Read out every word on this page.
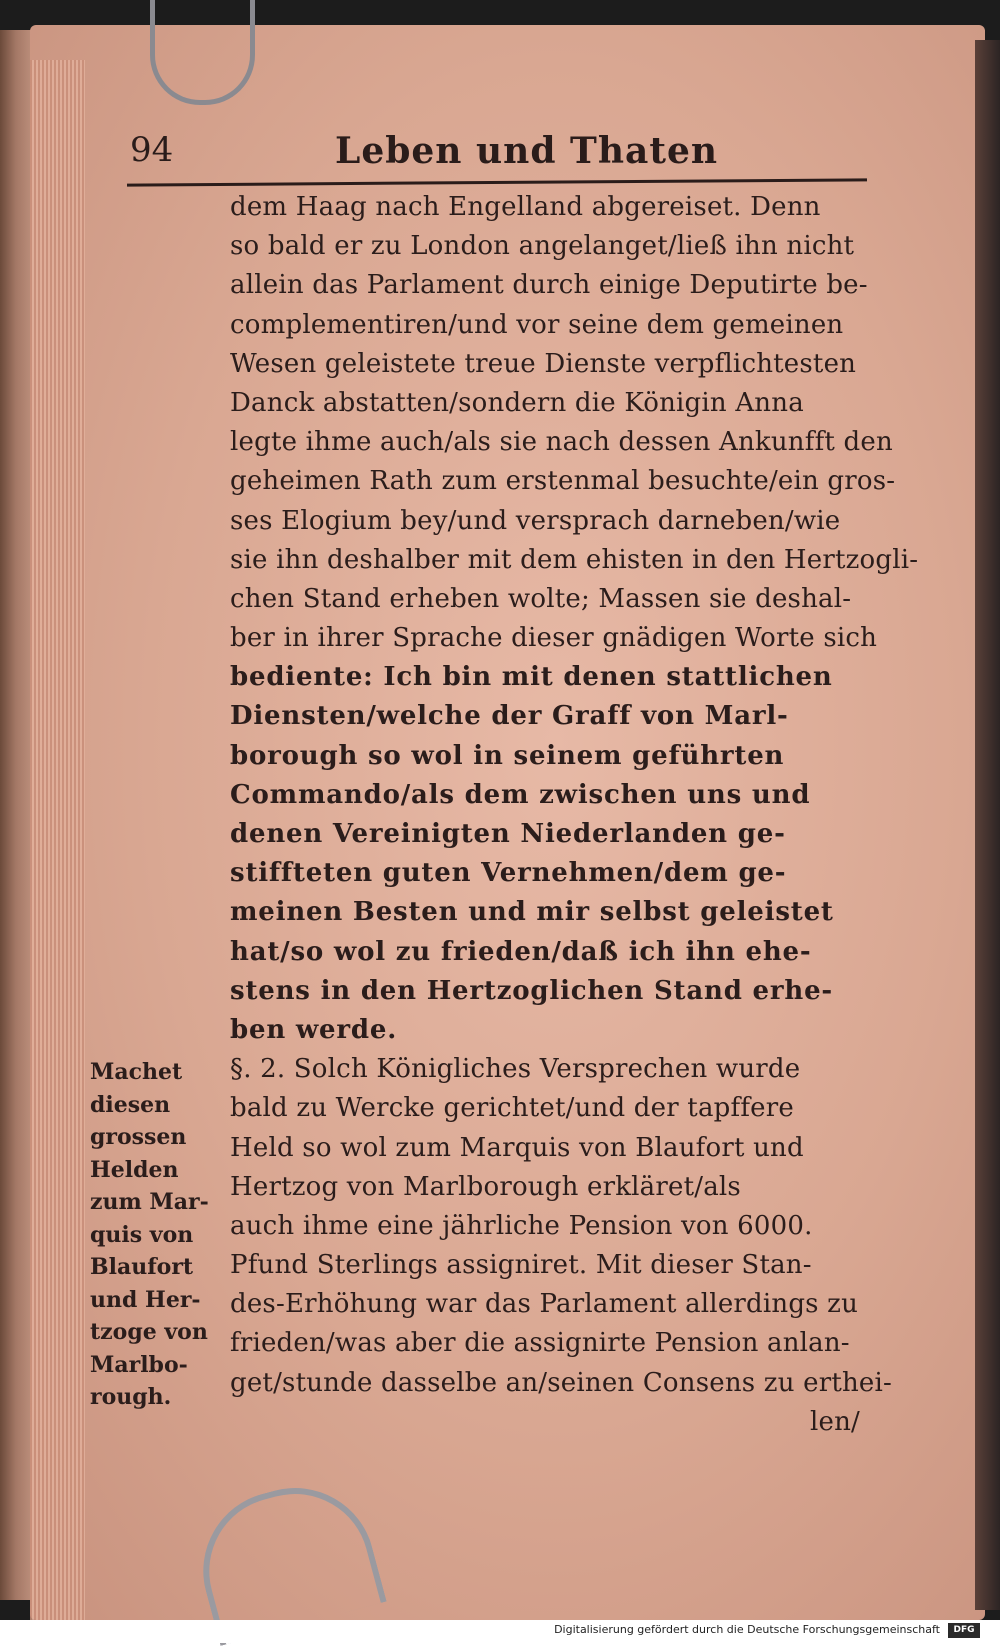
94	Leben und Thaten
dem Haag nach Engelland abgereiset. Denn
so bald er zu London angelanget/ließ ihn nicht
allein das Parlament durch einige Deputirte be-
complementiren/und vor seine dem gemeinen
Wesen geleistete treue Dienste verpflichtesten
Danck abstatten/sondern die Königin Anna
legte ihme auch/als sie nach dessen Ankunfft den
geheimen Rath zum erstenmal besuchte/ein gros-
ses Elogium bey/und versprach darneben/wie
sie ihn deshalber mit dem ehisten in den Hertzogli-
chen Stand erheben wolte; Massen sie deshal-
ber in ihrer Sprache dieser gnädigen Worte sich
bediente: Ich bin mit denen stattlichen
Diensten/welche der Graff von Marl-
borough so wol in seinem geführten
Commando/als dem zwischen uns und
denen Vereinigten Niederlanden ge-
stiffteten guten Vernehmen/dem ge-
meinen Besten und mir selbst geleistet
hat/so wol zu frieden/daß ich ihn ehe-
stens in den Hertzoglichen Stand erhe-
ben werde.
§. 2. Solch Königliches Versprechen wurde
bald zu Wercke gerichtet/und der tapffere
Held so wol zum Marquis von Blaufort und
Hertzog von Marlborough erkläret/als
auch ihme eine jährliche Pension von 6000.
Pfund Sterlings assigniret. Mit dieser Stan-
des-Erhöhung war das Parlament allerdings zu
frieden/was aber die assignirte Pension anlan-
get/stunde dasselbe an/seinen Consens zu erthei-
len/
Machet
diesen
grossen
Helden
zum Mar-
quis von
Blaufort
und Her-
tzoge von
Marlbo-
rough.
Digitalisierung gefördert durch die Deutsche Forschungsgemeinschaft	DFG
